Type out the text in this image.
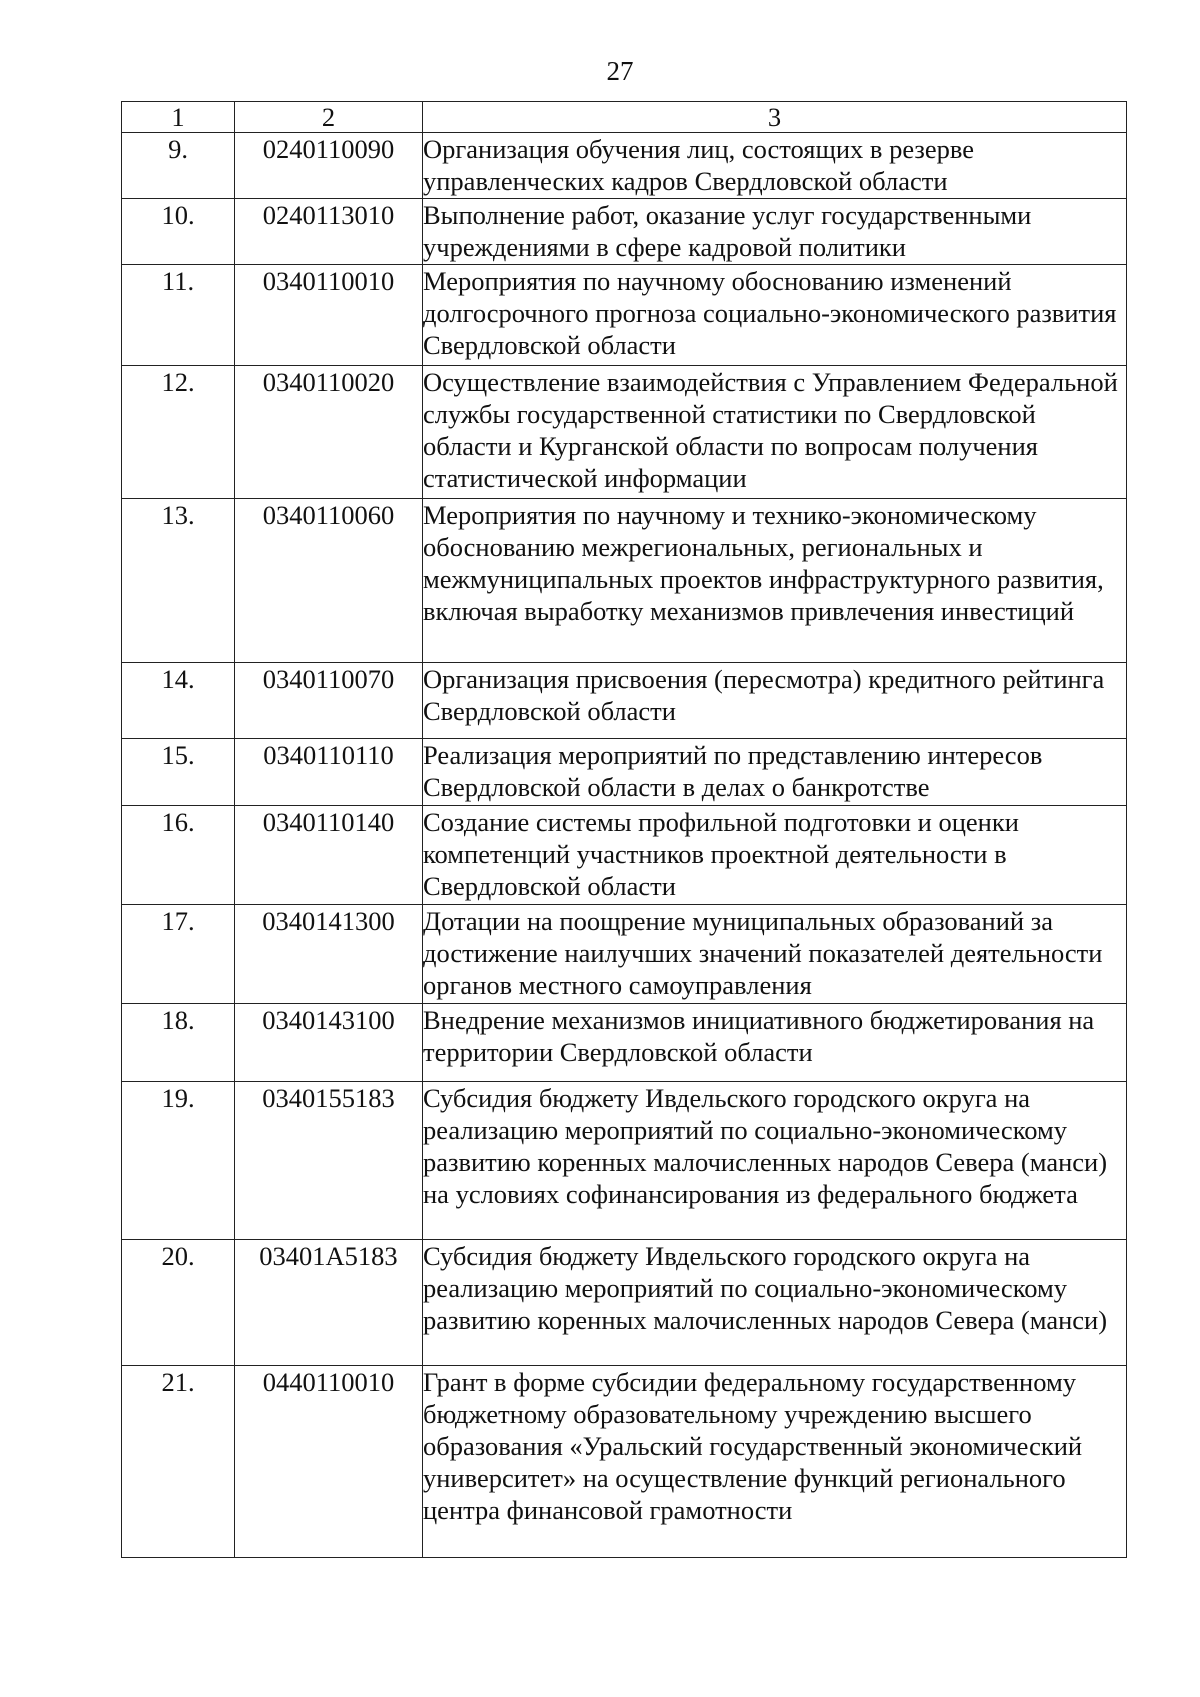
27
1	2	3
9.	0240110090	Организация обучения лиц, состоящих в резерве управленческих кадров Свердловской области
10.	0240113010	Выполнение работ, оказание услуг государственными учреждениями в сфере кадровой политики
11.	0340110010	Мероприятия по научному обоснованию изменений долгосрочного прогноза социально-экономического развития Свердловской области
12.	0340110020	Осуществление взаимодействия с Управлением Федеральной службы государственной статистики по Свердловской области и Курганской области по вопросам получения статистической информации
13.	0340110060	Мероприятия по научному и технико-экономическому обоснованию межрегиональных, региональных и межмуниципальных проектов инфраструктурного развития, включая выработку механизмов привлечения инвестиций
14.	0340110070	Организация присвоения (пересмотра) кредитного рейтинга Свердловской области
15.	0340110110	Реализация мероприятий по представлению интересов Свердловской области в делах о банкротстве
16.	0340110140	Создание системы профильной подготовки и оценки компетенций участников проектной деятельности в Свердловской области
17.	0340141300	Дотации на поощрение муниципальных образований за достижение наилучших значений показателей деятельности органов местного самоуправления
18.	0340143100	Внедрение механизмов инициативного бюджетирования на территории Свердловской области
19.	0340155183	Субсидия бюджету Ивдельского городского округа на реализацию мероприятий по социально-экономическому развитию коренных малочисленных народов Севера (манси) на условиях софинансирования из федерального бюджета
20.	03401A5183	Субсидия бюджету Ивдельского городского округа на реализацию мероприятий по социально-экономическому развитию коренных малочисленных народов Севера (манси)
21.	0440110010	Грант в форме субсидии федеральному государственному бюджетному образовательному учреждению высшего образования «Уральский государственный экономический университет» на осуществление функций регионального центра финансовой грамотности
